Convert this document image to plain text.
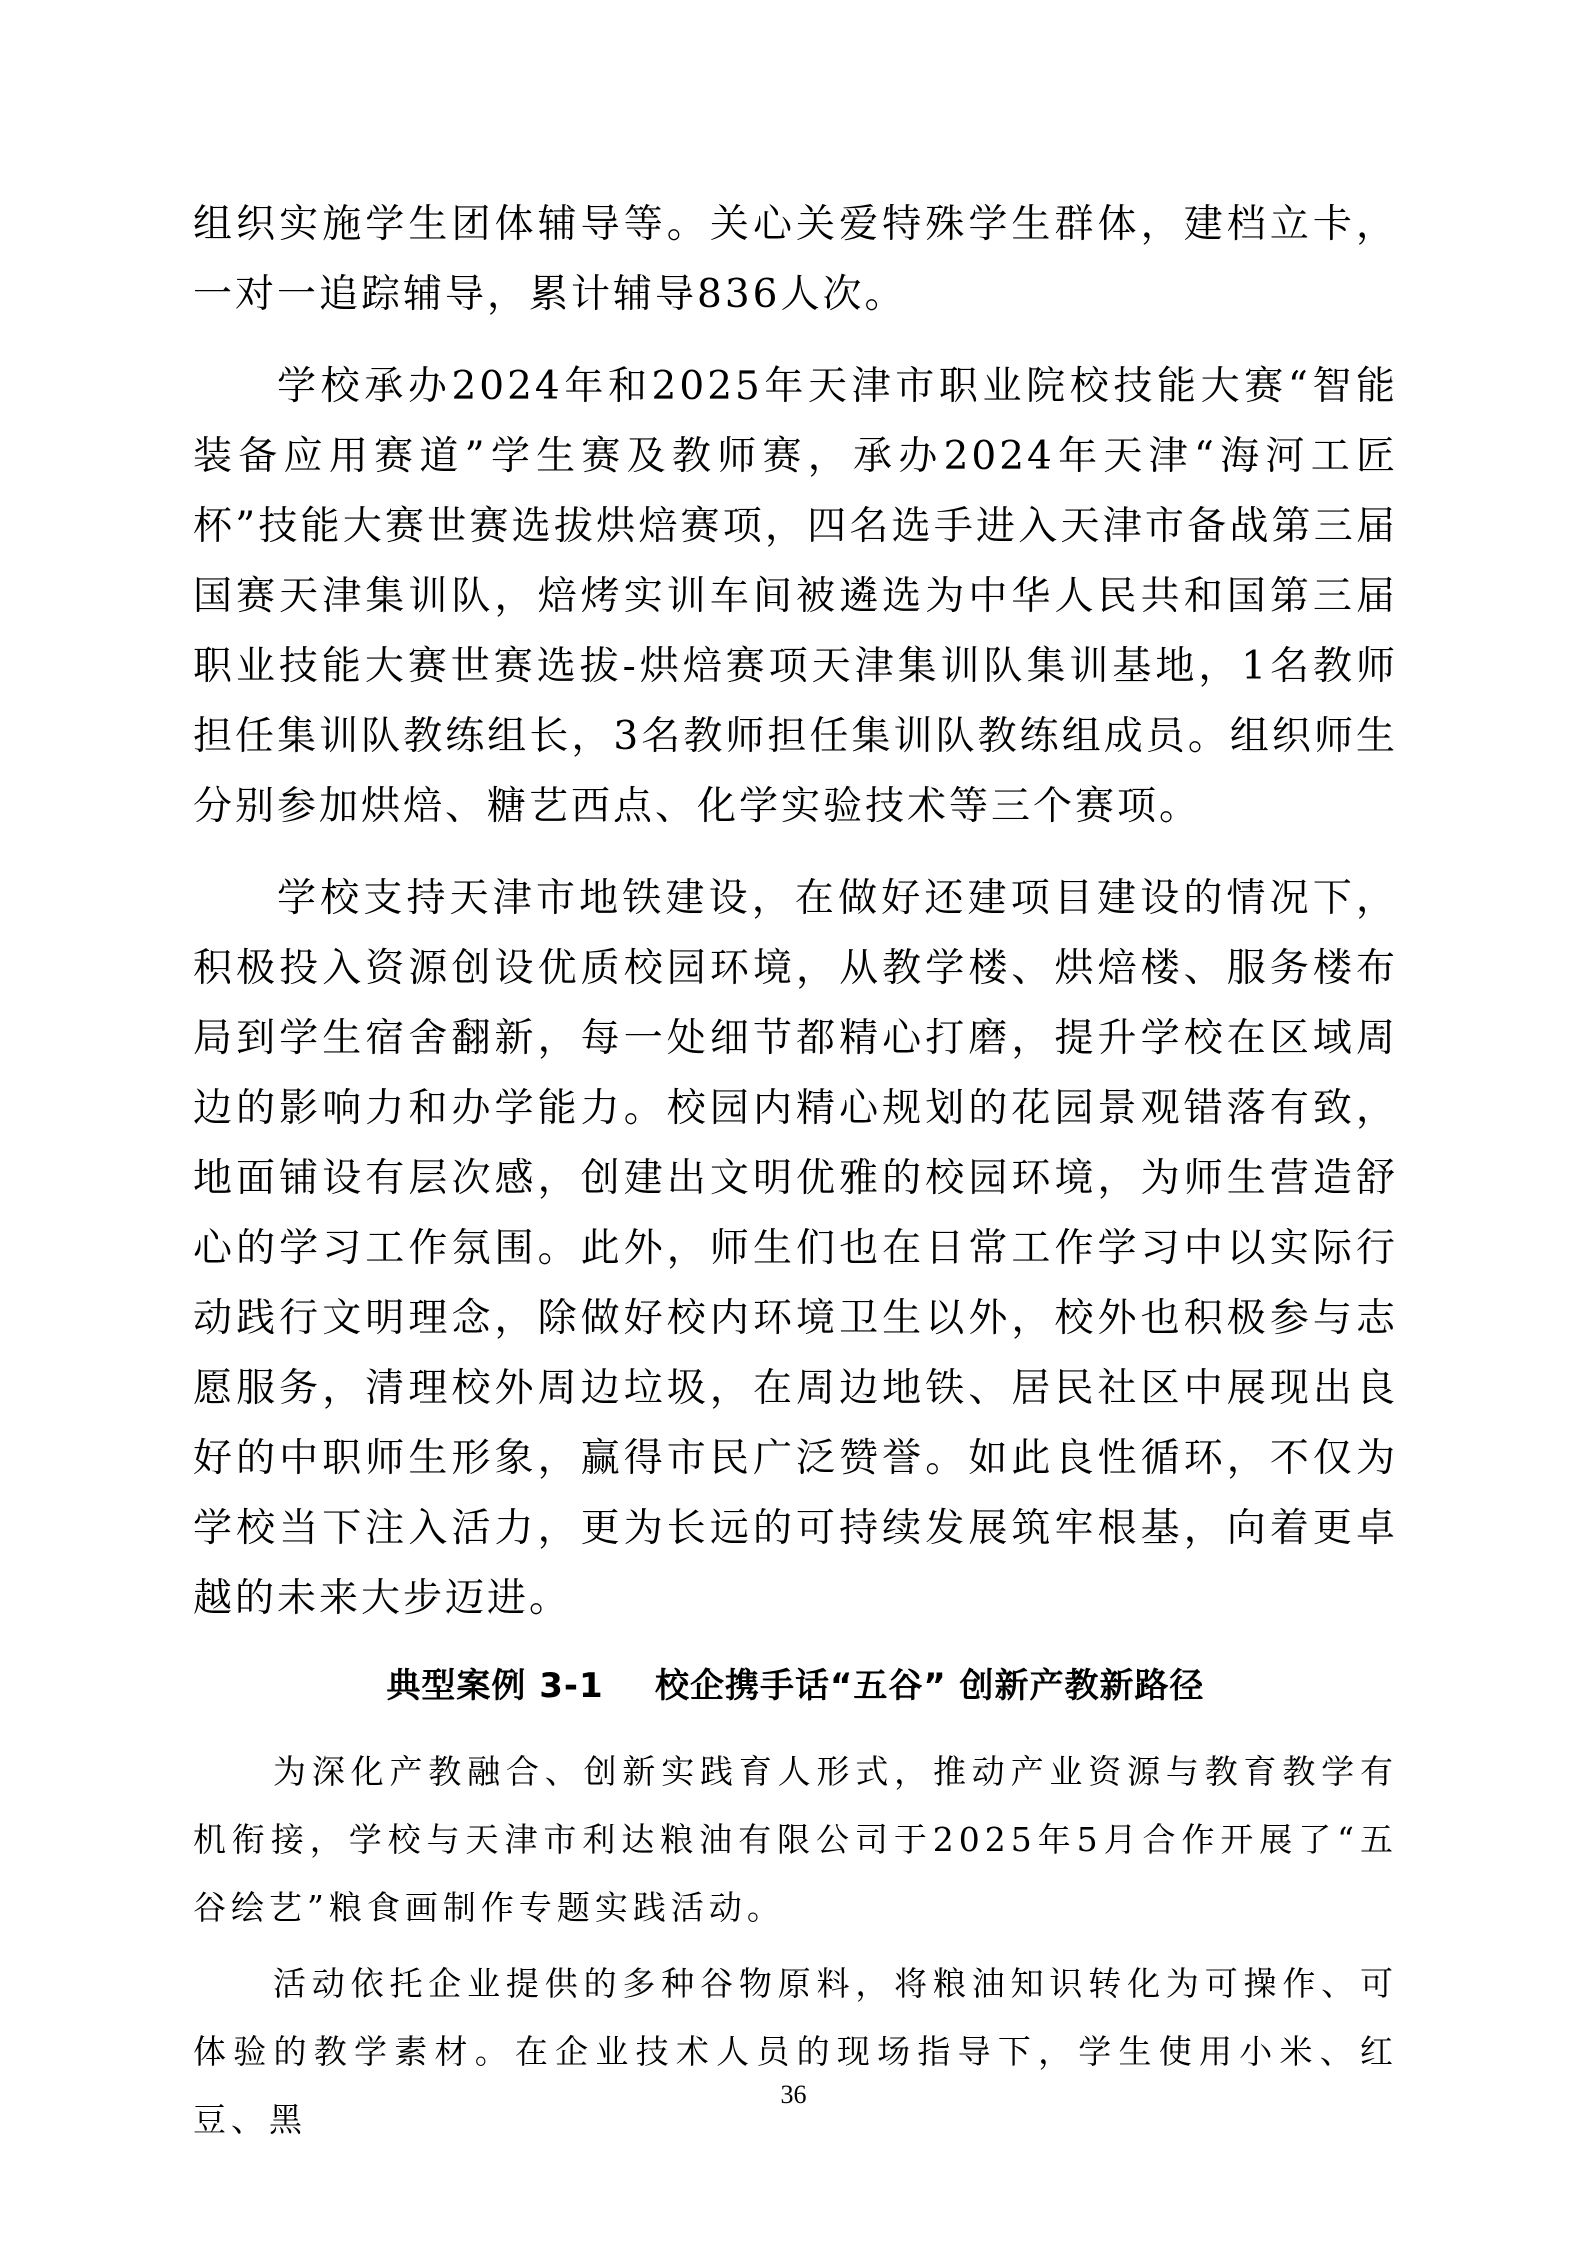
组织实施学生团体辅导等。关心关爱特殊学生群体，建档立卡，一对一追踪辅导，累计辅导836人次。

学校承办2024年和2025年天津市职业院校技能大赛“智能装备应用赛道”学生赛及教师赛，承办2024年天津“海河工匠杯”技能大赛世赛选拔烘焙赛项，四名选手进入天津市备战第三届国赛天津集训队，焙烤实训车间被遴选为中华人民共和国第三届职业技能大赛世赛选拔-烘焙赛项天津集训队集训基地，1名教师担任集训队教练组长，3名教师担任集训队教练组成员。组织师生分别参加烘焙、糖艺西点、化学实验技术等三个赛项。

学校支持天津市地铁建设，在做好还建项目建设的情况下，积极投入资源创设优质校园环境，从教学楼、烘焙楼、服务楼布局到学生宿舍翻新，每一处细节都精心打磨，提升学校在区域周边的影响力和办学能力。校园内精心规划的花园景观错落有致，地面铺设有层次感，创建出文明优雅的校园环境，为师生营造舒心的学习工作氛围。此外，师生们也在日常工作学习中以实际行动践行文明理念，除做好校内环境卫生以外，校外也积极参与志愿服务，清理校外周边垃圾，在周边地铁、居民社区中展现出良好的中职师生形象，赢得市民广泛赞誉。如此良性循环，不仅为学校当下注入活力，更为长远的可持续发展筑牢根基，向着更卓越的未来大步迈进。

典型案例 3-1    校企携手话“五谷” 创新产教新路径

为深化产教融合、创新实践育人形式，推动产业资源与教育教学有机衔接，学校与天津市利达粮油有限公司于2025年5月合作开展了“五谷绘艺”粮食画制作专题实践活动。

活动依托企业提供的多种谷物原料，将粮油知识转化为可操作、可体验的教学素材。在企业技术人员的现场指导下，学生使用小米、红豆、黑

36
